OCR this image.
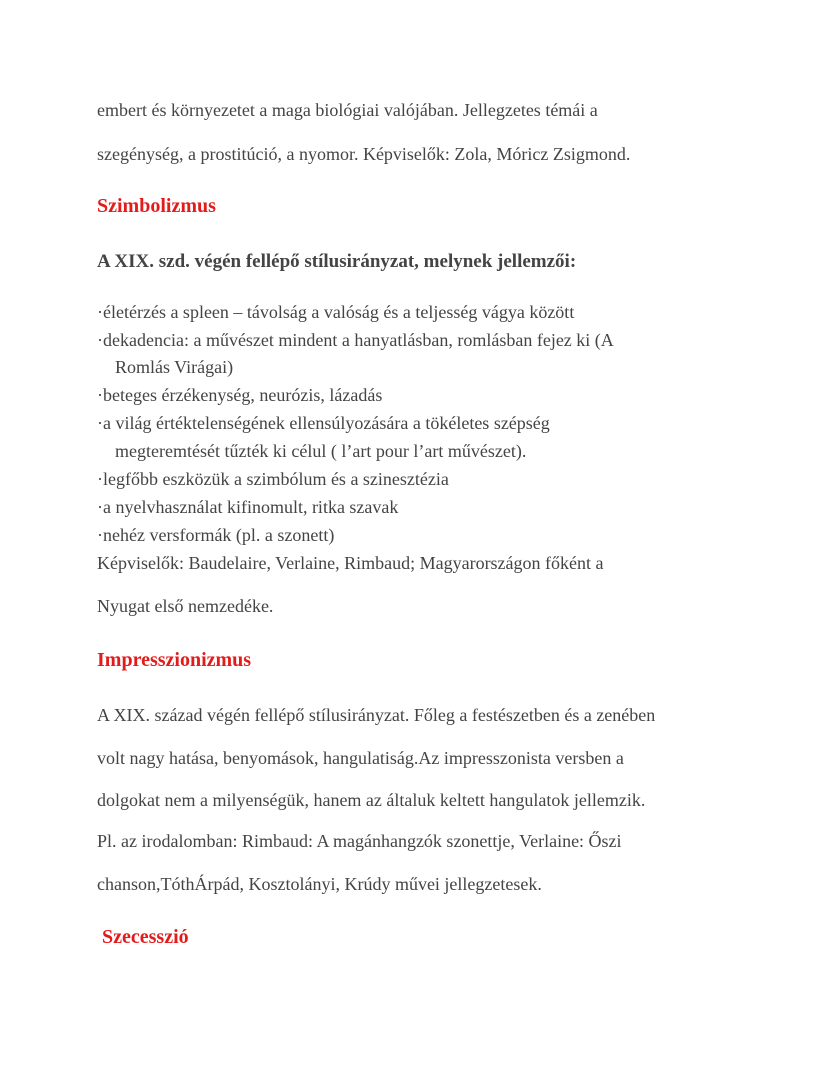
embert és környezetet a maga biológiai valójában. Jellegzetes témái a
szegénység, a prostitúció, a nyomor. Képviselők: Zola, Móricz Zsigmond.
Szimbolizmus
A XIX. szd. végén fellépő stílusirányzat, melynek jellemzői:
· életérzés a spleen – távolság a valóság és a teljesség vágya között
· dekadencia: a művészet mindent a hanyatlásban, romlásban fejez ki (A
Romlás Virágai)
· beteges érzékenység, neurózis, lázadás
· a világ értéktelenségének ellensúlyozására a tökéletes szépség
megteremtését tűzték ki célul ( l’art pour l’art művészet).
· legfőbb eszközük a szimbólum és a szinesztézia
· a nyelvhasználat kifinomult, ritka szavak
· nehéz versformák (pl. a szonett)
Képviselők: Baudelaire, Verlaine, Rimbaud; Magyarországon főként a
Nyugat első nemzedéke.
Impresszionizmus
A XIX. század végén fellépő stílusirányzat. Főleg a festészetben és a zenében
volt nagy hatása, benyomások, hangulatiság.Az impresszonista versben a
dolgokat nem a milyenségük, hanem az általuk keltett hangulatok jellemzik.
Pl. az irodalomban: Rimbaud: A magánhangzók szonettje, Verlaine: Őszi
chanson,TóthÁrpád, Kosztolányi, Krúdy művei jellegzetesek.
Szecesszió
